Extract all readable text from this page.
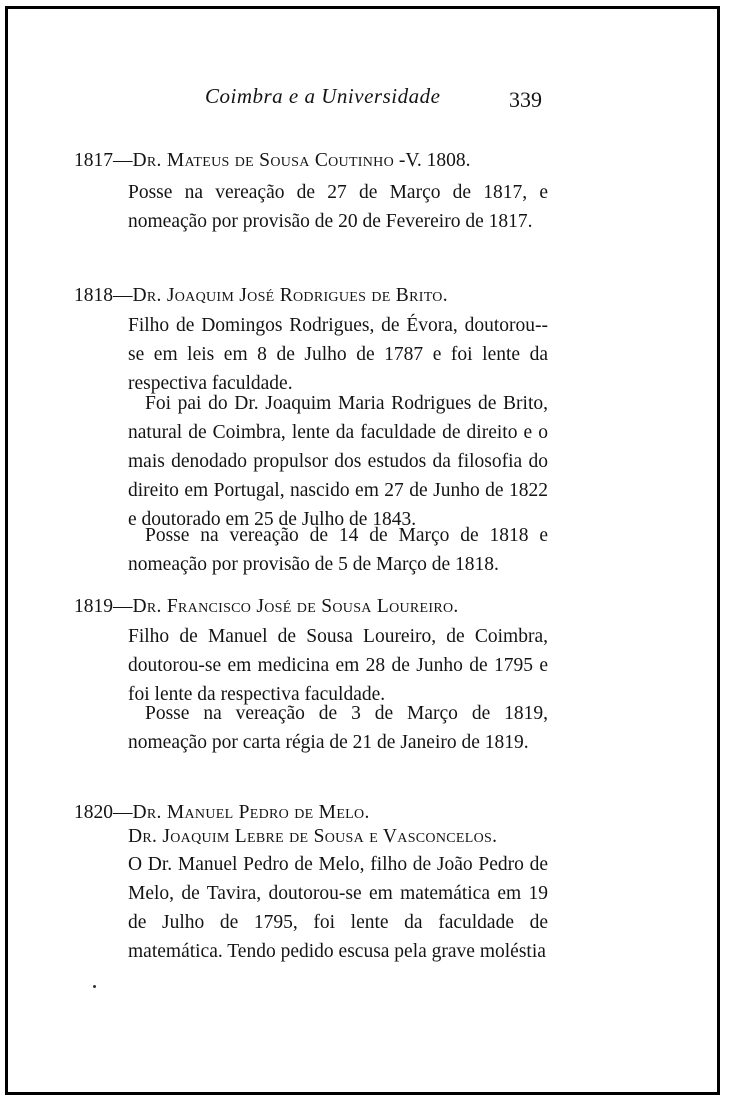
Coimbra e a Universidade	339
1817—Dr. Mateus de Sousa Coutinho -V. 1808.

Posse na vereação de 27 de Março de 1817, e nomeação por provisão de 20 de Fevereiro de 1817.

1818—Dr. Joaquim José Rodrigues de Brito.

Filho de Domingos Rodrigues, de Évora, doutorou--se em leis em 8 de Julho de 1787 e foi lente da respectiva faculdade.

Foi pai do Dr. Joaquim Maria Rodrigues de Brito, natural de Coimbra, lente da faculdade de direito e o mais denodado propulsor dos estudos da filosofia do direito em Portugal, nascido em 27 de Junho de 1822 e doutorado em 25 de Julho de 1843.

Posse na vereação de 14 de Março de 1818 e nomeação por provisão de 5 de Março de 1818.

1819—Dr. Francisco José de Sousa Loureiro.

Filho de Manuel de Sousa Loureiro, de Coimbra, doutorou-se em medicina em 28 de Junho de 1795 e foi lente da respectiva faculdade.

Posse na vereação de 3 de Março de 1819, nomeação por carta régia de 21 de Janeiro de 1819.

1820—Dr. Manuel Pedro de Melo.
Dr. Joaquim Lebre de Sousa e Vasconcelos.

O Dr. Manuel Pedro de Melo, filho de João Pedro de Melo, de Tavira, doutorou-se em matemática em 19 de Julho de 1795, foi lente da faculdade de matemática. Tendo pedido escusa pela grave moléstia
